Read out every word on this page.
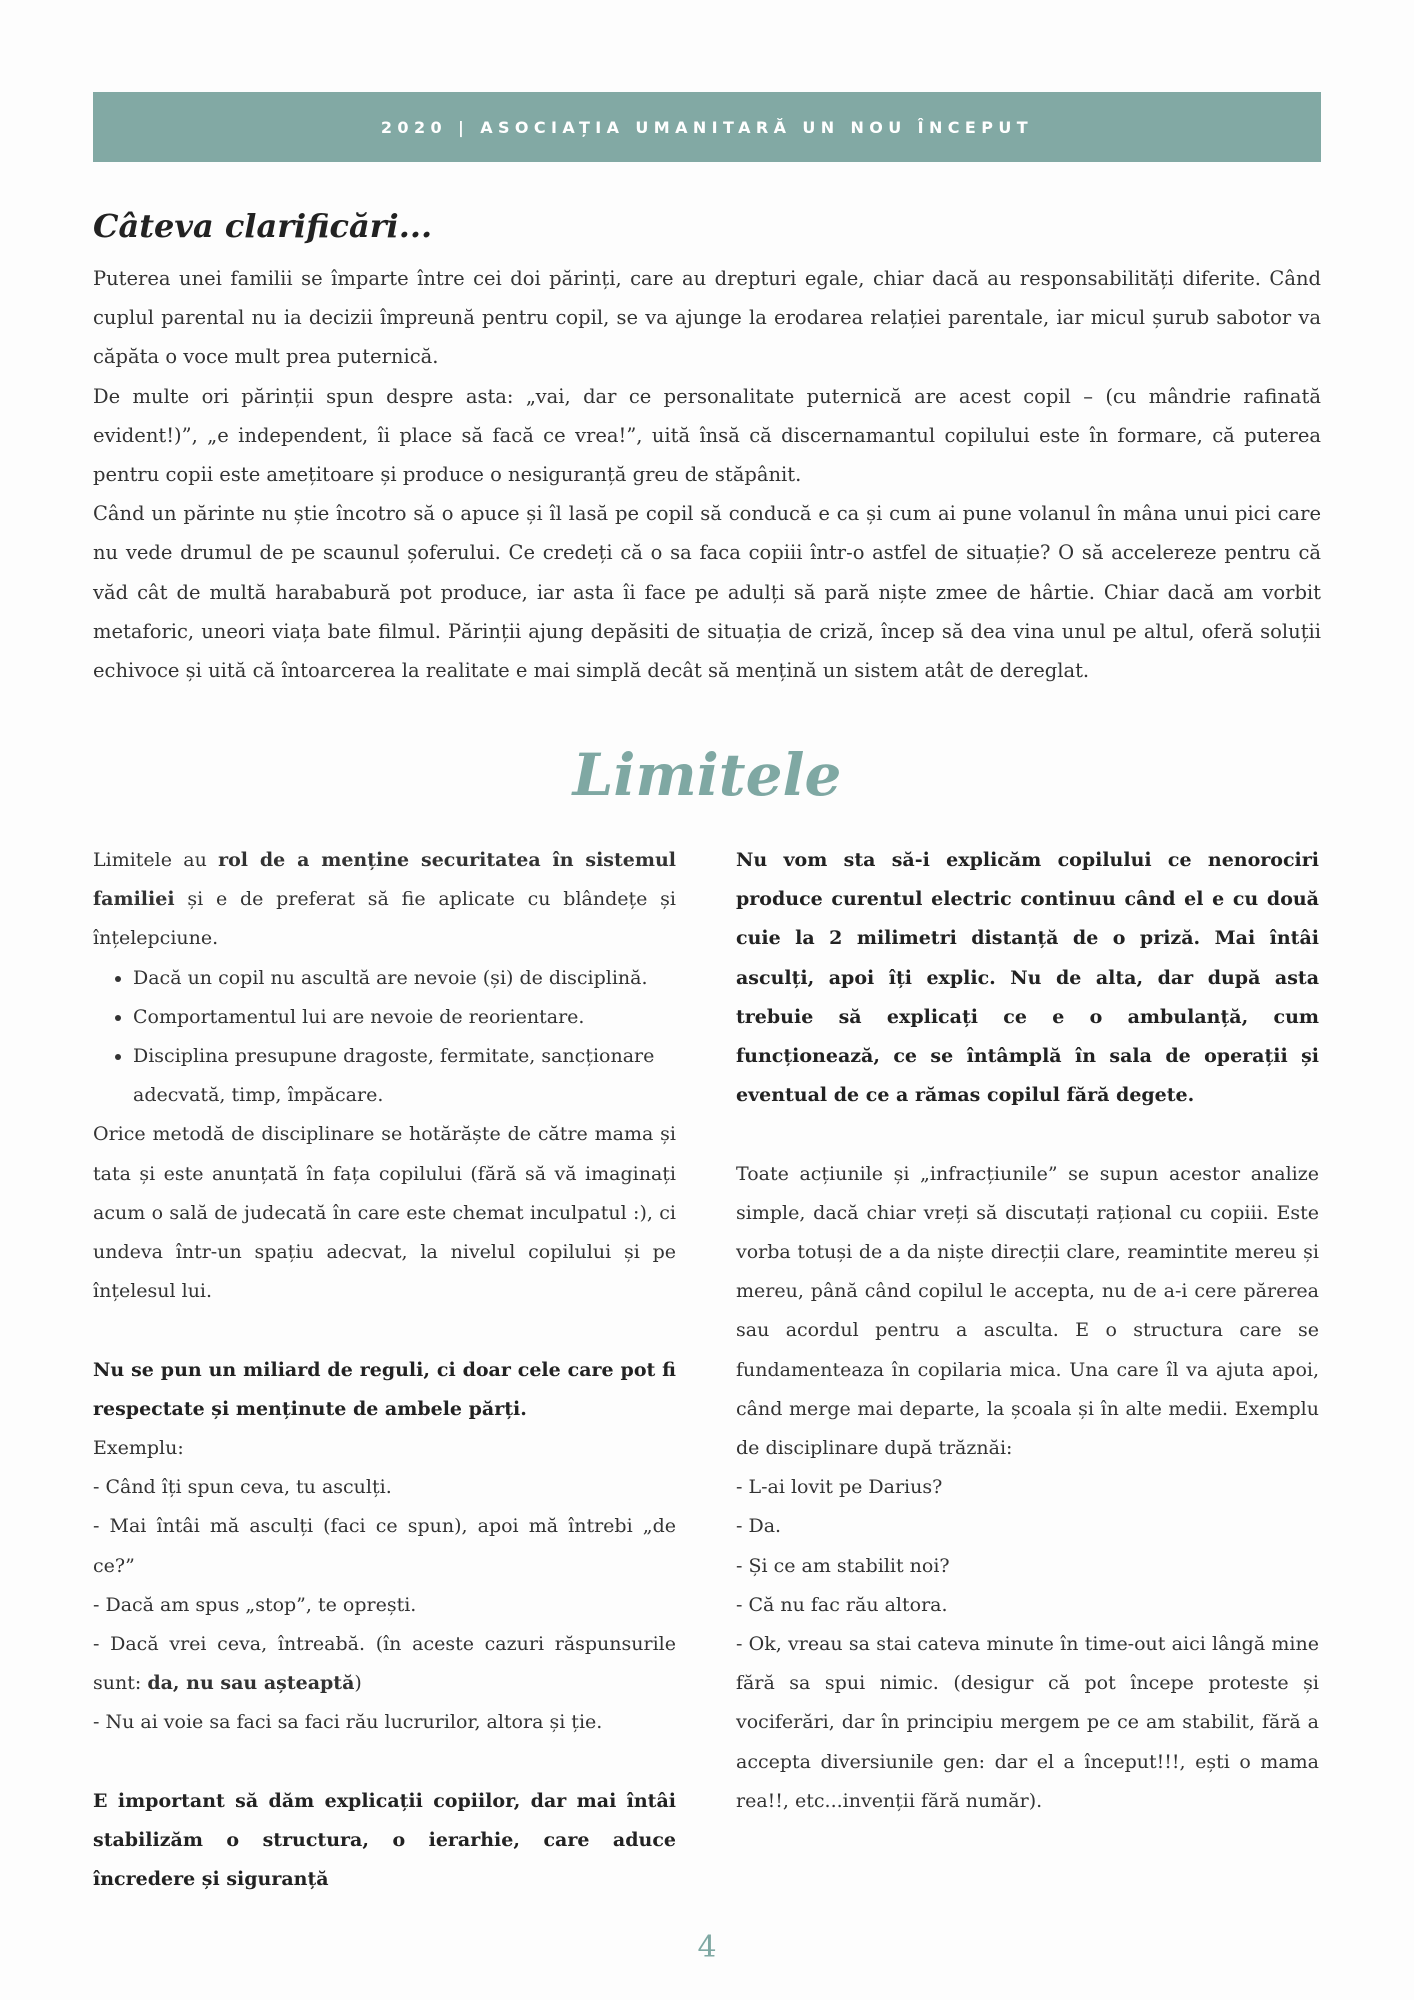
2020 | ASOCIAȚIA UMANITARĂ UN NOU ÎNCEPUT
Câteva clarificări...

Puterea unei familii se împarte între cei doi părinți, care au drepturi egale, chiar dacă au responsabilități diferite. Când cuplul parental nu ia decizii împreună pentru copil, se va ajunge la erodarea relației parentale, iar micul șurub sabotor va căpăta o voce mult prea puternică.

De multe ori părinții spun despre asta: „vai, dar ce personalitate puternică are acest copil – (cu mândrie rafinată evident!)”, „e independent, îi place să facă ce vrea!”, uită însă că discernamantul copilului este în formare, că puterea pentru copii este amețitoare și produce o nesiguranță greu de stăpânit.

Când un părinte nu știe încotro să o apuce și îl lasă pe copil să conducă e ca și cum ai pune volanul în mâna unui pici care nu vede drumul de pe scaunul șoferului. Ce credeți că o sa faca copiii într-o astfel de situație? O să accelereze pentru că văd cât de multă harababură pot produce, iar asta îi face pe adulți să pară niște zmee de hârtie. Chiar dacă am vorbit metaforic, uneori viața bate filmul. Părinții ajung depăsiti de situația de criză, încep să dea vina unul pe altul, oferă soluții echivoce și uită că întoarcerea la realitate e mai simplă decât să mențină un sistem atât de dereglat.

Limitele

Limitele au rol de a menține securitatea în sistemul familiei și e de preferat să fie aplicate cu blândețe și înțelepciune.

• Dacă un copil nu ascultă are nevoie (și) de disciplină.
• Comportamentul lui are nevoie de reorientare.
• Disciplina presupune dragoste, fermitate, sancționare adecvată, timp, împăcare.

Orice metodă de disciplinare se hotărăște de către mama și tata și este anunțată în fața copilului (fără să vă imaginați acum o sală de judecată în care este chemat inculpatul :), ci undeva într-un spațiu adecvat, la nivelul copilului și pe înțelesul lui.

Nu se pun un miliard de reguli, ci doar cele care pot fi respectate și menținute de ambele părți.

Exemplu:

- Când îți spun ceva, tu asculți.

- Mai întâi mă asculți (faci ce spun), apoi mă întrebi „de ce?”

- Dacă am spus „stop”, te oprești.

- Dacă vrei ceva, întreabă. (în aceste cazuri răspunsurile sunt: da, nu sau așteaptă)

- Nu ai voie sa faci sa faci rău lucrurilor, altora și ție.

E important să dăm explicații copiilor, dar mai întâi stabilizăm o structura, o ierarhie, care aduce încredere și siguranță

Nu vom sta să-i explicăm copilului ce nenorociri produce curentul electric continuu când el e cu două cuie la 2 milimetri distanță de o priză. Mai întâi asculți, apoi îți explic. Nu de alta, dar după asta trebuie să explicați ce e o ambulanță, cum funcționează, ce se întâmplă în sala de operații și eventual de ce a rămas copilul fără degete.

Toate acțiunile și „infracțiunile” se supun acestor analize simple, dacă chiar vreți să discutați rațional cu copiii. Este vorba totuși de a da niște direcții clare, reamintite mereu și mereu, până când copilul le accepta, nu de a-i cere părerea sau acordul pentru a asculta. E o structura care se fundamenteaza în copilaria mica. Una care îl va ajuta apoi, când merge mai departe, la școala și în alte medii. Exemplu de disciplinare după trăznăi:

- L-ai lovit pe Darius?

- Da.

- Și ce am stabilit noi?

- Că nu fac rău altora.

- Ok, vreau sa stai cateva minute în time-out aici lângă mine fără sa spui nimic. (desigur că pot începe proteste și vociferări, dar în principiu mergem pe ce am stabilit, fără a accepta diversiunile gen: dar el a început!!!, ești o mama rea!!, etc...invenții fără număr).

4
